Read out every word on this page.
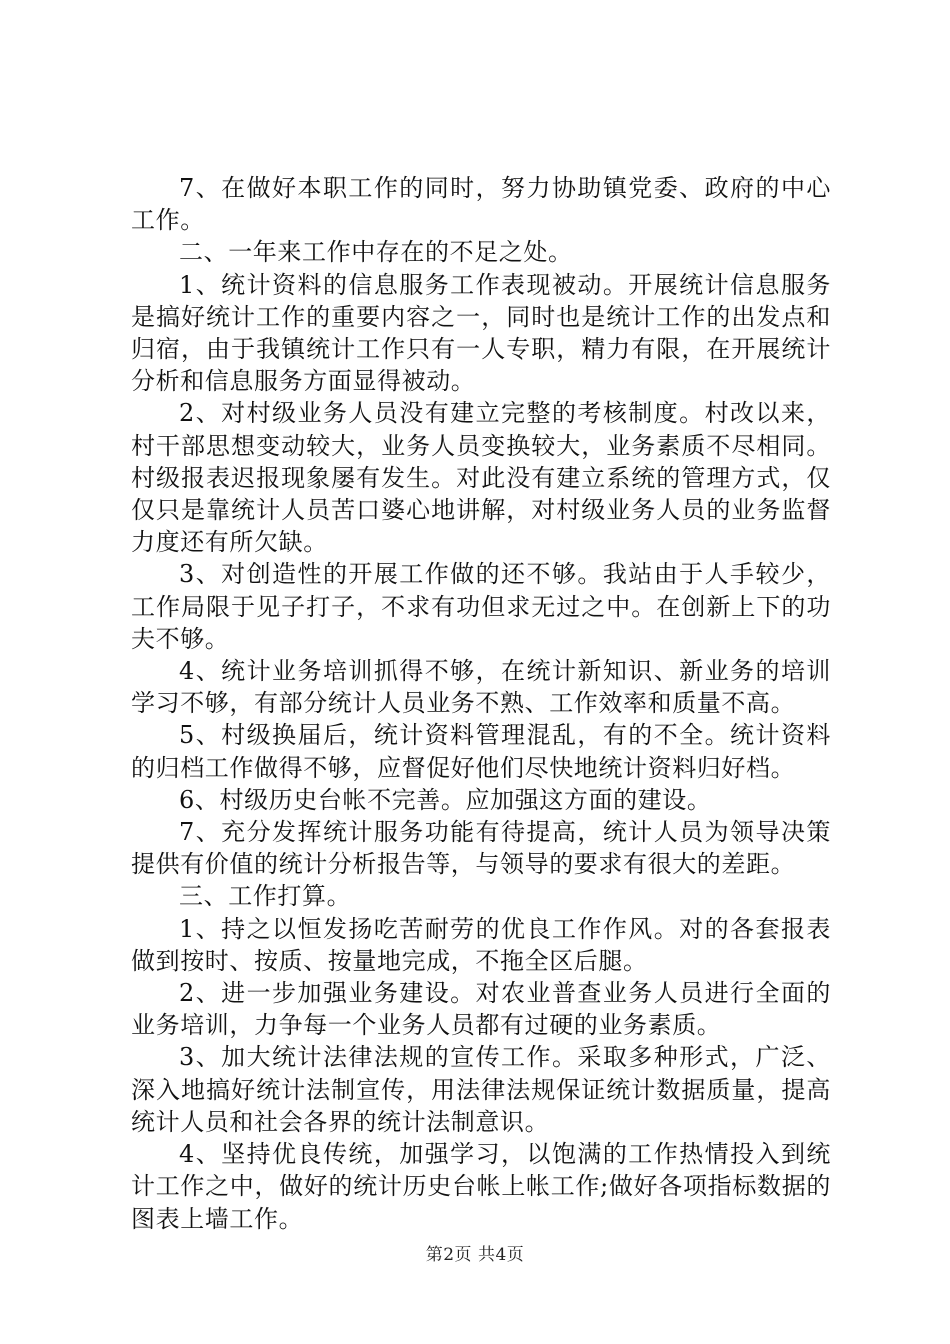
7、在做好本职工作的同时，努力协助镇党委、政府的中心工作。

二、一年来工作中存在的不足之处。

1、统计资料的信息服务工作表现被动。开展统计信息服务是搞好统计工作的重要内容之一，同时也是统计工作的出发点和归宿，由于我镇统计工作只有一人专职，精力有限，在开展统计分析和信息服务方面显得被动。

2、对村级业务人员没有建立完整的考核制度。村改以来，村干部思想变动较大，业务人员变换较大，业务素质不尽相同。村级报表迟报现象屡有发生。对此没有建立系统的管理方式，仅仅只是靠统计人员苦口婆心地讲解，对村级业务人员的业务监督力度还有所欠缺。

3、对创造性的开展工作做的还不够。我站由于人手较少，工作局限于见子打子，不求有功但求无过之中。在创新上下的功夫不够。

4、统计业务培训抓得不够，在统计新知识、新业务的培训学习不够，有部分统计人员业务不熟、工作效率和质量不高。

5、村级换届后，统计资料管理混乱，有的不全。统计资料的归档工作做得不够，应督促好他们尽快地统计资料归好档。

6、村级历史台帐不完善。应加强这方面的建设。

7、充分发挥统计服务功能有待提高，统计人员为领导决策提供有价值的统计分析报告等，与领导的要求有很大的差距。

三、工作打算。

1、持之以恒发扬吃苦耐劳的优良工作作风。对的各套报表做到按时、按质、按量地完成，不拖全区后腿。

2、进一步加强业务建设。对农业普查业务人员进行全面的业务培训，力争每一个业务人员都有过硬的业务素质。

3、加大统计法律法规的宣传工作。采取多种形式，广泛、深入地搞好统计法制宣传，用法律法规保证统计数据质量，提高统计人员和社会各界的统计法制意识。

4、坚持优良传统，加强学习，以饱满的工作热情投入到统计工作之中，做好的统计历史台帐上帐工作;做好各项指标数据的图表上墙工作。

第2页 共4页
